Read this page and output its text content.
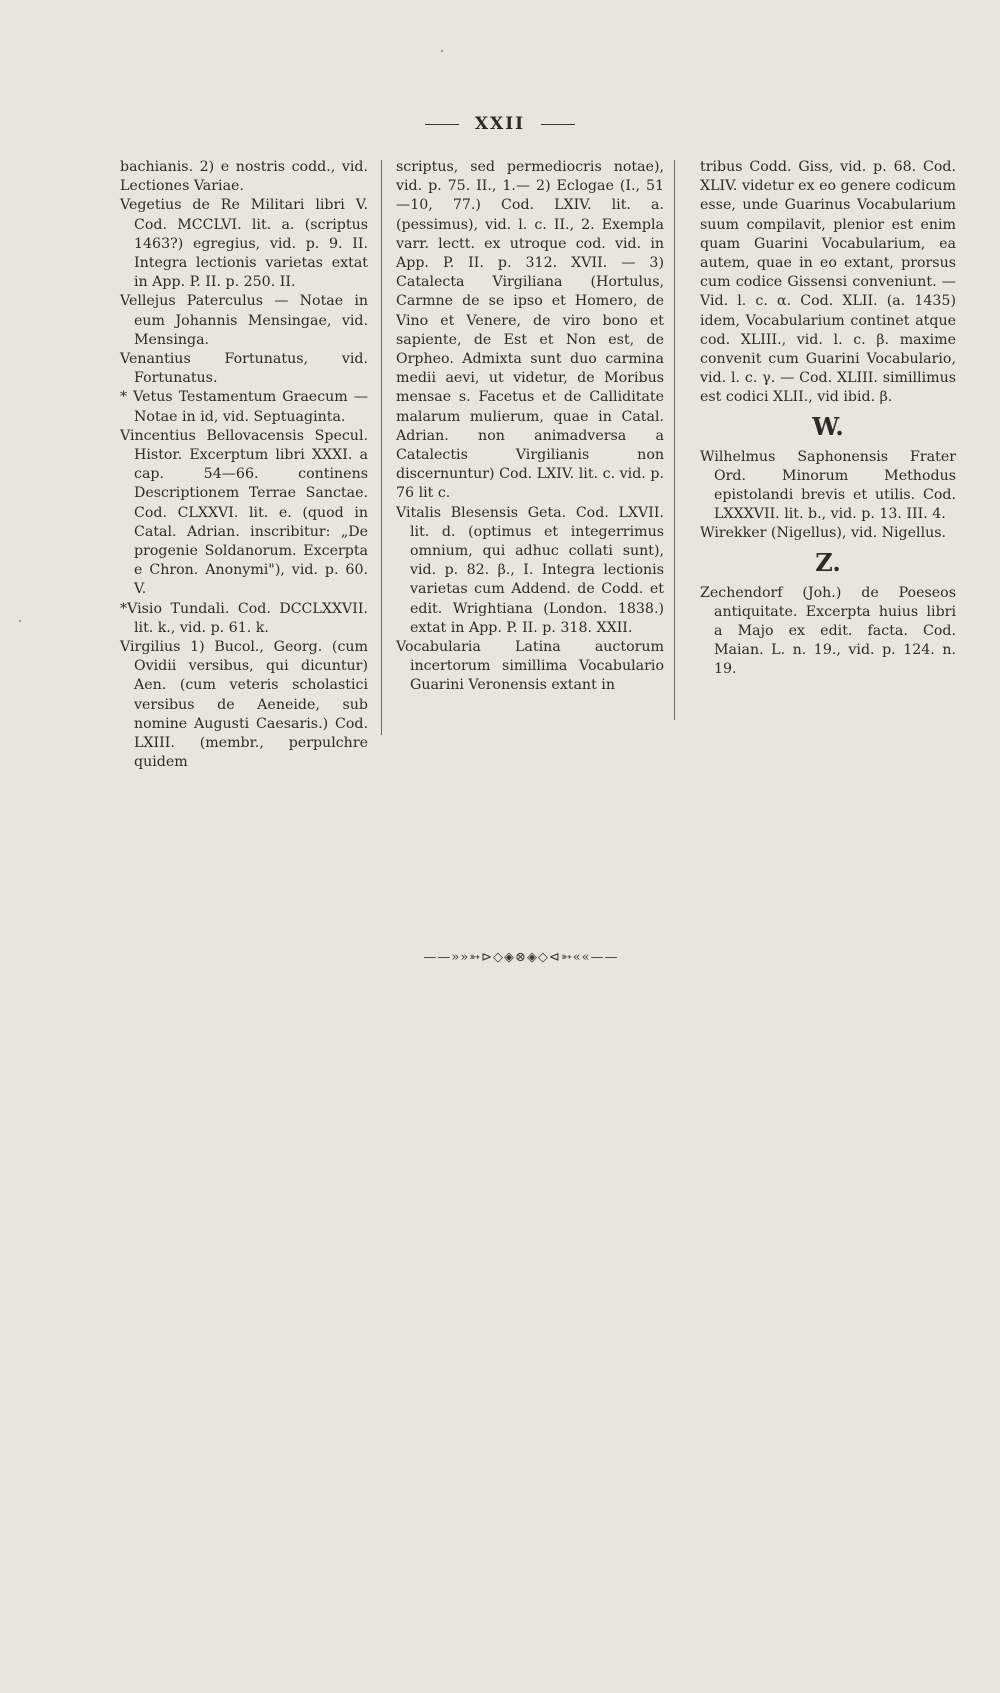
XXII

bachianis. 2) e nostris codd., vid. Lectiones Variae.

Vegetius de Re Militari libri V. Cod. MCCLVI. lit. a. (scriptus 1463?) egregius, vid. p. 9. II. Integra lectionis varietas extat in App. P. II. p. 250. II.

Vellejus Paterculus — Notae in eum Johannis Mensingae, vid. Mensinga.

Venantius Fortunatus, vid. Fortunatus.

* Vetus Testamentum Graecum — Notae in id, vid. Septuaginta.

Vincentius Bellovacensis Specul. Histor. Excerptum libri XXXI. a cap. 54—66. continens Descriptionem Terrae Sanctae. Cod. CLXXVI. lit. e. (quod in Catal. Adrian. inscribitur: „De progenie Soldanorum. Excerpta e Chron. Anonymi"), vid. p. 60. V.

*Visio Tundali. Cod. DCCLXXVII. lit. k., vid. p. 61. k.

Virgilius 1) Bucol., Georg. (cum Ovidii versibus, qui dicuntur) Aen. (cum veteris scholastici versibus de Aeneide, sub nomine Augusti Caesaris.) Cod. LXIII. (membr., perpulchre quidem

scriptus, sed permediocris notae), vid. p. 75. II., 1.— 2) Eclogae (I., 51—10, 77.) Cod. LXIV. lit. a. (pessimus), vid. l. c. II., 2. Exempla varr. lectt. ex utroque cod. vid. in App. P. II. p. 312. XVII. — 3) Catalecta Virgiliana (Hortulus, Carmne de se ipso et Homero, de Vino et Venere, de viro bono et sapiente, de Est et Non est, de Orpheo. Admixta sunt duo carmina medii aevi, ut videtur, de Moribus mensae s. Facetus et de Calliditate malarum mulierum, quae in Catal. Adrian. non animadversa a Catalectis Virgilianis non discernuntur) Cod. LXIV. lit. c. vid. p. 76 lit c.

Vitalis Blesensis Geta. Cod. LXVII. lit. d. (optimus et integerrimus omnium, qui adhuc collati sunt), vid. p. 82. β., I. Integra lectionis varietas cum Addend. de Codd. et edit. Wrightiana (London. 1838.) extat in App. P. II. p. 318. XXII.

Vocabularia Latina auctorum incertorum simillima Vocabulario Guarini Veronensis extant in

tribus Codd. Giss, vid. p. 68. Cod. XLIV. videtur ex eo genere codicum esse, unde Guarinus Vocabularium suum compilavit, plenior est enim quam Guarini Vocabularium, ea autem, quae in eo extant, prorsus cum codice Gissensi conveniunt. — Vid. l. c. α. Cod. XLII. (a. 1435) idem, Vocabularium continet atque cod. XLIII., vid. l. c. β. maxime convenit cum Guarini Vocabulario, vid. l. c. γ. — Cod. XLIII. simillimus est codici XLII., vid ibid. β.

W.

Wilhelmus Saphonensis Frater Ord. Minorum Methodus epistolandi brevis et utilis. Cod. LXXXVII. lit. b., vid. p. 13. III. 4.

Wirekker (Nigellus), vid. Nigellus.

Z.

Zechendorf (Joh.) de Poeseos antiquitate. Excerpta huius libri a Majo ex edit. facta. Cod. Maian. L. n. 19., vid. p. 124. n. 19.

——»»➳⊳◇◈⊗◈◇⊲➳««——
